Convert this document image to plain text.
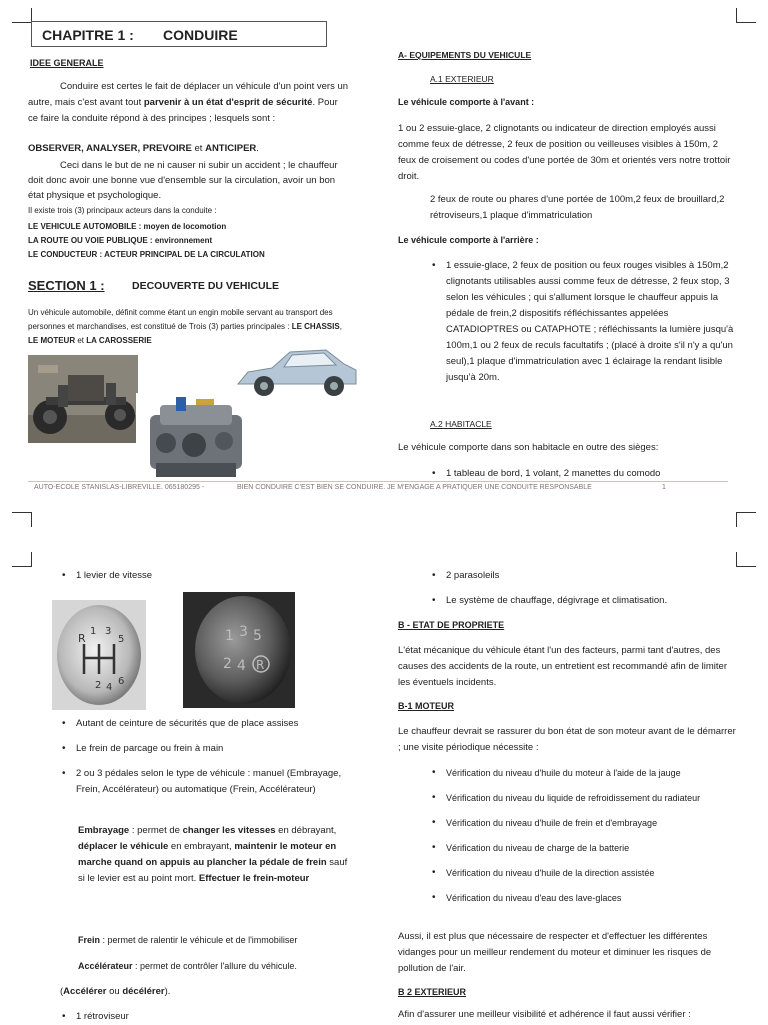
CHAPITRE 1 : CONDUIRE
IDEE GENERALE
Conduire est certes le fait de déplacer un véhicule d'un point vers un autre, mais c'est avant tout parvenir à un état d'esprit de sécurité. Pour ce faire la conduite répond à des principes ; lesquels sont :
OBSERVER, ANALYSER, PREVOIRE et ANTICIPER.
Ceci dans le but de ne ni causer ni subir un accident ; le chauffeur doit donc avoir une bonne vue d'ensemble sur la circulation, avoir un bon état physique et psychologique.
Il existe trois (3) principaux acteurs dans la conduite :
LE VEHICULE AUTOMOBILE : moyen de locomotion
LA ROUTE OU VOIE PUBLIQUE : environnement
LE CONDUCTEUR : ACTEUR PRINCIPAL DE LA CIRCULATION
SECTION 1 :	DECOUVERTE DU VEHICULE
Un véhicule automobile, définit comme étant un engin mobile servant au transport des personnes et marchandises, est constitué de Trois (3) parties principales : LE CHASSIS, LE MOTEUR et LA CAROSSERIE
A- EQUIPEMENTS DU VEHICULE
A.1 EXTERIEUR
Le véhicule comporte à l'avant :
1 ou 2 essuie-glace, 2 clignotants ou indicateur de direction employés aussi comme feux de détresse, 2 feux de position ou veilleuses visibles à 150m, 2 feux de croisement ou codes d'une portée de 30m et orientés vers notre trottoir droit.
2 feux de route ou phares d'une portée de 100m,2 feux de brouillard,2 rétroviseurs,1 plaque d'immatriculation
Le véhicule comporte à l'arrière :
• 1 essuie-glace, 2 feux de position ou feux rouges visibles à 150m,2 clignotants utilisables aussi comme feux de détresse, 2 feux stop, 3 selon les véhicules ; qui s'allument lorsque le chauffeur appuis la pédale de frein,2 dispositifs réfléchissantes appelées CATADIOPTRES ou CATAPHOTE ; réfléchissants la lumière jusqu'à 100m,1 ou 2 feux de reculs facultatifs ; (placé à droite s'il n'y a qu'un seul),1 plaque d'immatriculation avec 1 éclairage la rendant lisible jusqu'à 20m.
A.2 HABITACLE
Le véhicule comporte dans son habitacle en outre des sièges:
• 1 tableau de bord, 1 volant, 2 manettes du comodo
AUTO-ECOLE STANISLAS-LIBREVILLE. 065180295 -	BIEN CONDUIRE C'EST BIEN SE CONDUIRE. JE M'ENGAGE A PRATIQUER UNE CONDUITE RESPONSABLE	1
• 1 levier de vitesse
R
1 3
5
2 4
6
1 3 5
2 4 R
• Autant de ceinture de sécurités que de place assises
• Le frein de parcage ou frein à main
• 2 ou 3 pédales selon le type de véhicule : manuel (Embrayage, Frein, Accélérateur) ou automatique (Frein, Accélérateur)
Embrayage : permet de changer les vitesses en débrayant, déplacer le véhicule en embrayant, maintenir le moteur en marche quand on appuis au plancher la pédale de frein sauf si le levier est au point mort. Effectuer le frein-moteur
Frein : permet de ralentir le véhicule et de l'immobiliser
Accélérateur : permet de contrôler l'allure du véhicule.
(Accélérer ou décélérer).
• 1 rétroviseur
• 2 parasoleils
• Le système de chauffage, dégivrage et climatisation.
B - ETAT DE PROPRIETE
L'état mécanique du véhicule étant l'un des facteurs, parmi tant d'autres, des causes des accidents de la route, un entretient est recommandé afin de limiter les éventuels incidents.
B-1 MOTEUR
Le chauffeur devrait se rassurer du bon état de son moteur avant de le démarrer ; une visite périodique nécessite :
• Vérification du niveau d'huile du moteur à l'aide de la jauge
• Vérification du niveau du liquide de refroidissement du radiateur
• Vérification du niveau d'huile de frein et d'embrayage
• Vérification du niveau de charge de la batterie
• Vérification du niveau d'huile de la direction assistée
• Vérification du niveau d'eau des lave-glaces
Aussi, il est plus que nécessaire de respecter et d'effectuer les différentes vidanges pour un meilleur rendement du moteur et diminuer les risques de pollution de l'air.
B 2 EXTERIEUR
Afin d'assurer une meilleur visibilité et adhérence il faut aussi vérifier :
